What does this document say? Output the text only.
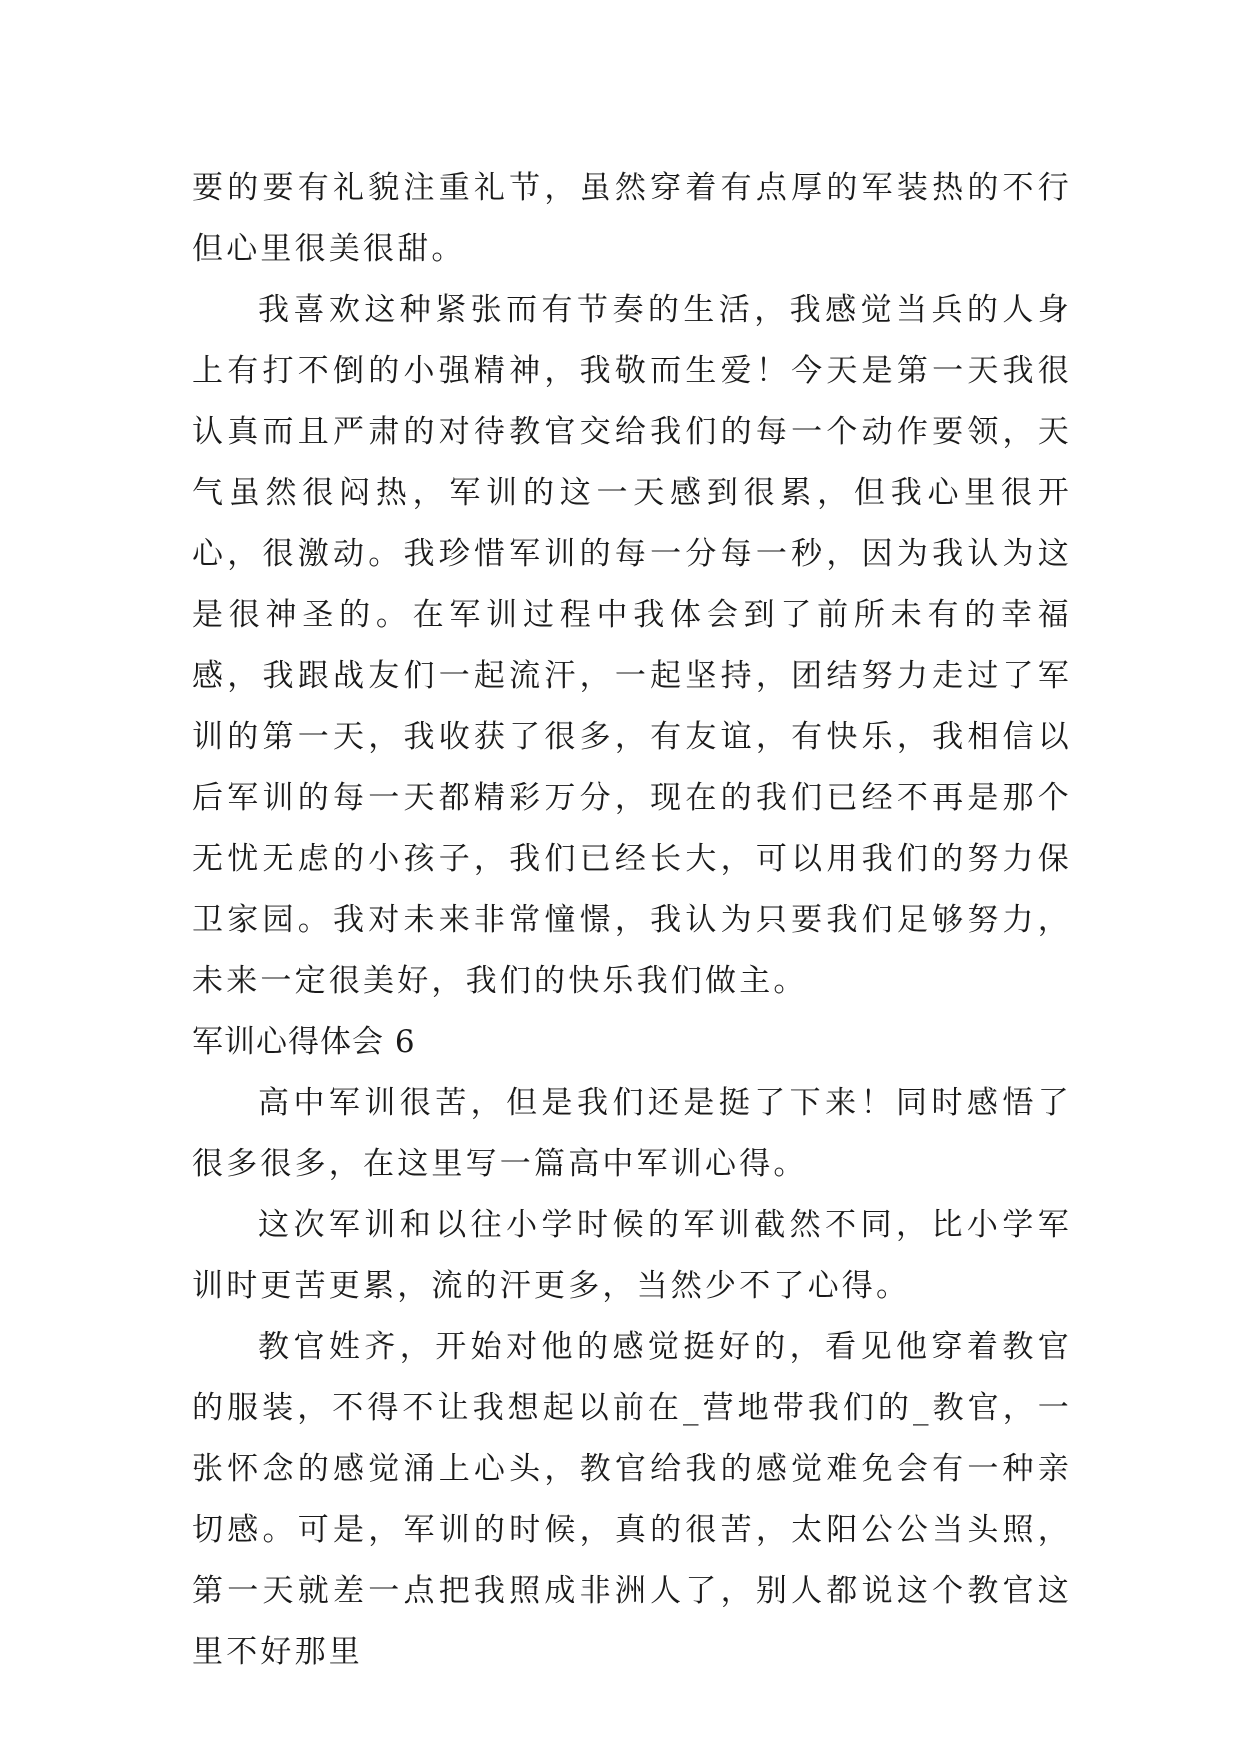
要的要有礼貌注重礼节，虽然穿着有点厚的军装热的不行但心里很美很甜。

我喜欢这种紧张而有节奏的生活，我感觉当兵的人身上有打不倒的小强精神，我敬而生爱！今天是第一天我很认真而且严肃的对待教官交给我们的每一个动作要领，天气虽然很闷热，军训的这一天感到很累，但我心里很开心，很激动。我珍惜军训的每一分每一秒，因为我认为这是很神圣的。在军训过程中我体会到了前所未有的幸福感，我跟战友们一起流汗，一起坚持，团结努力走过了军训的第一天，我收获了很多，有友谊，有快乐，我相信以后军训的每一天都精彩万分，现在的我们已经不再是那个无忧无虑的小孩子，我们已经长大，可以用我们的努力保卫家园。我对未来非常憧憬，我认为只要我们足够努力，未来一定很美好，我们的快乐我们做主。

军训心得体会 6

高中军训很苦，但是我们还是挺了下来！同时感悟了很多很多，在这里写一篇高中军训心得。

这次军训和以往小学时候的军训截然不同，比小学军训时更苦更累，流的汗更多，当然少不了心得。

教官姓齐，开始对他的感觉挺好的，看见他穿着教官的服装，不得不让我想起以前在_营地带我们的_教官，一张怀念的感觉涌上心头，教官给我的感觉难免会有一种亲切感。可是，军训的时候，真的很苦，太阳公公当头照，第一天就差一点把我照成非洲人了，别人都说这个教官这里不好那里
